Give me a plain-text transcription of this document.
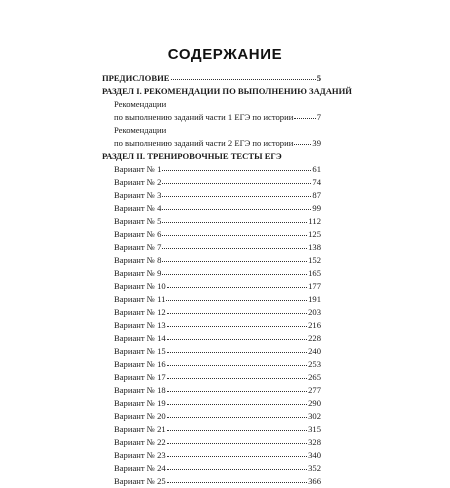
СОДЕРЖАНИЕ
ПРЕДИСЛОВИЕ	5
РАЗДЕЛ I. РЕКОМЕНДАЦИИ ПО ВЫПОЛНЕНИЮ ЗАДАНИЙ
Рекомендации
по выполнению заданий части 1 ЕГЭ по истории	7
Рекомендации
по выполнению заданий части 2 ЕГЭ по истории 39
РАЗДЕЛ II. ТРЕНИРОВОЧНЫЕ ТЕСТЫ ЕГЭ
Вариант № 1	61
Вариант № 2	74
Вариант № 3	87
Вариант № 4	99
Вариант № 5	112
Вариант № 6	125
Вариант № 7	138
Вариант № 8	152
Вариант № 9	165
Вариант № 10	177
Вариант № 11	191
Вариант № 12	203
Вариант № 13	216
Вариант № 14	228
Вариант № 15	240
Вариант № 16	253
Вариант № 17	265
Вариант № 18	277
Вариант № 19	290
Вариант № 20	302
Вариант № 21	315
Вариант № 22	328
Вариант № 23	340
Вариант № 24	352
Вариант № 25	366
